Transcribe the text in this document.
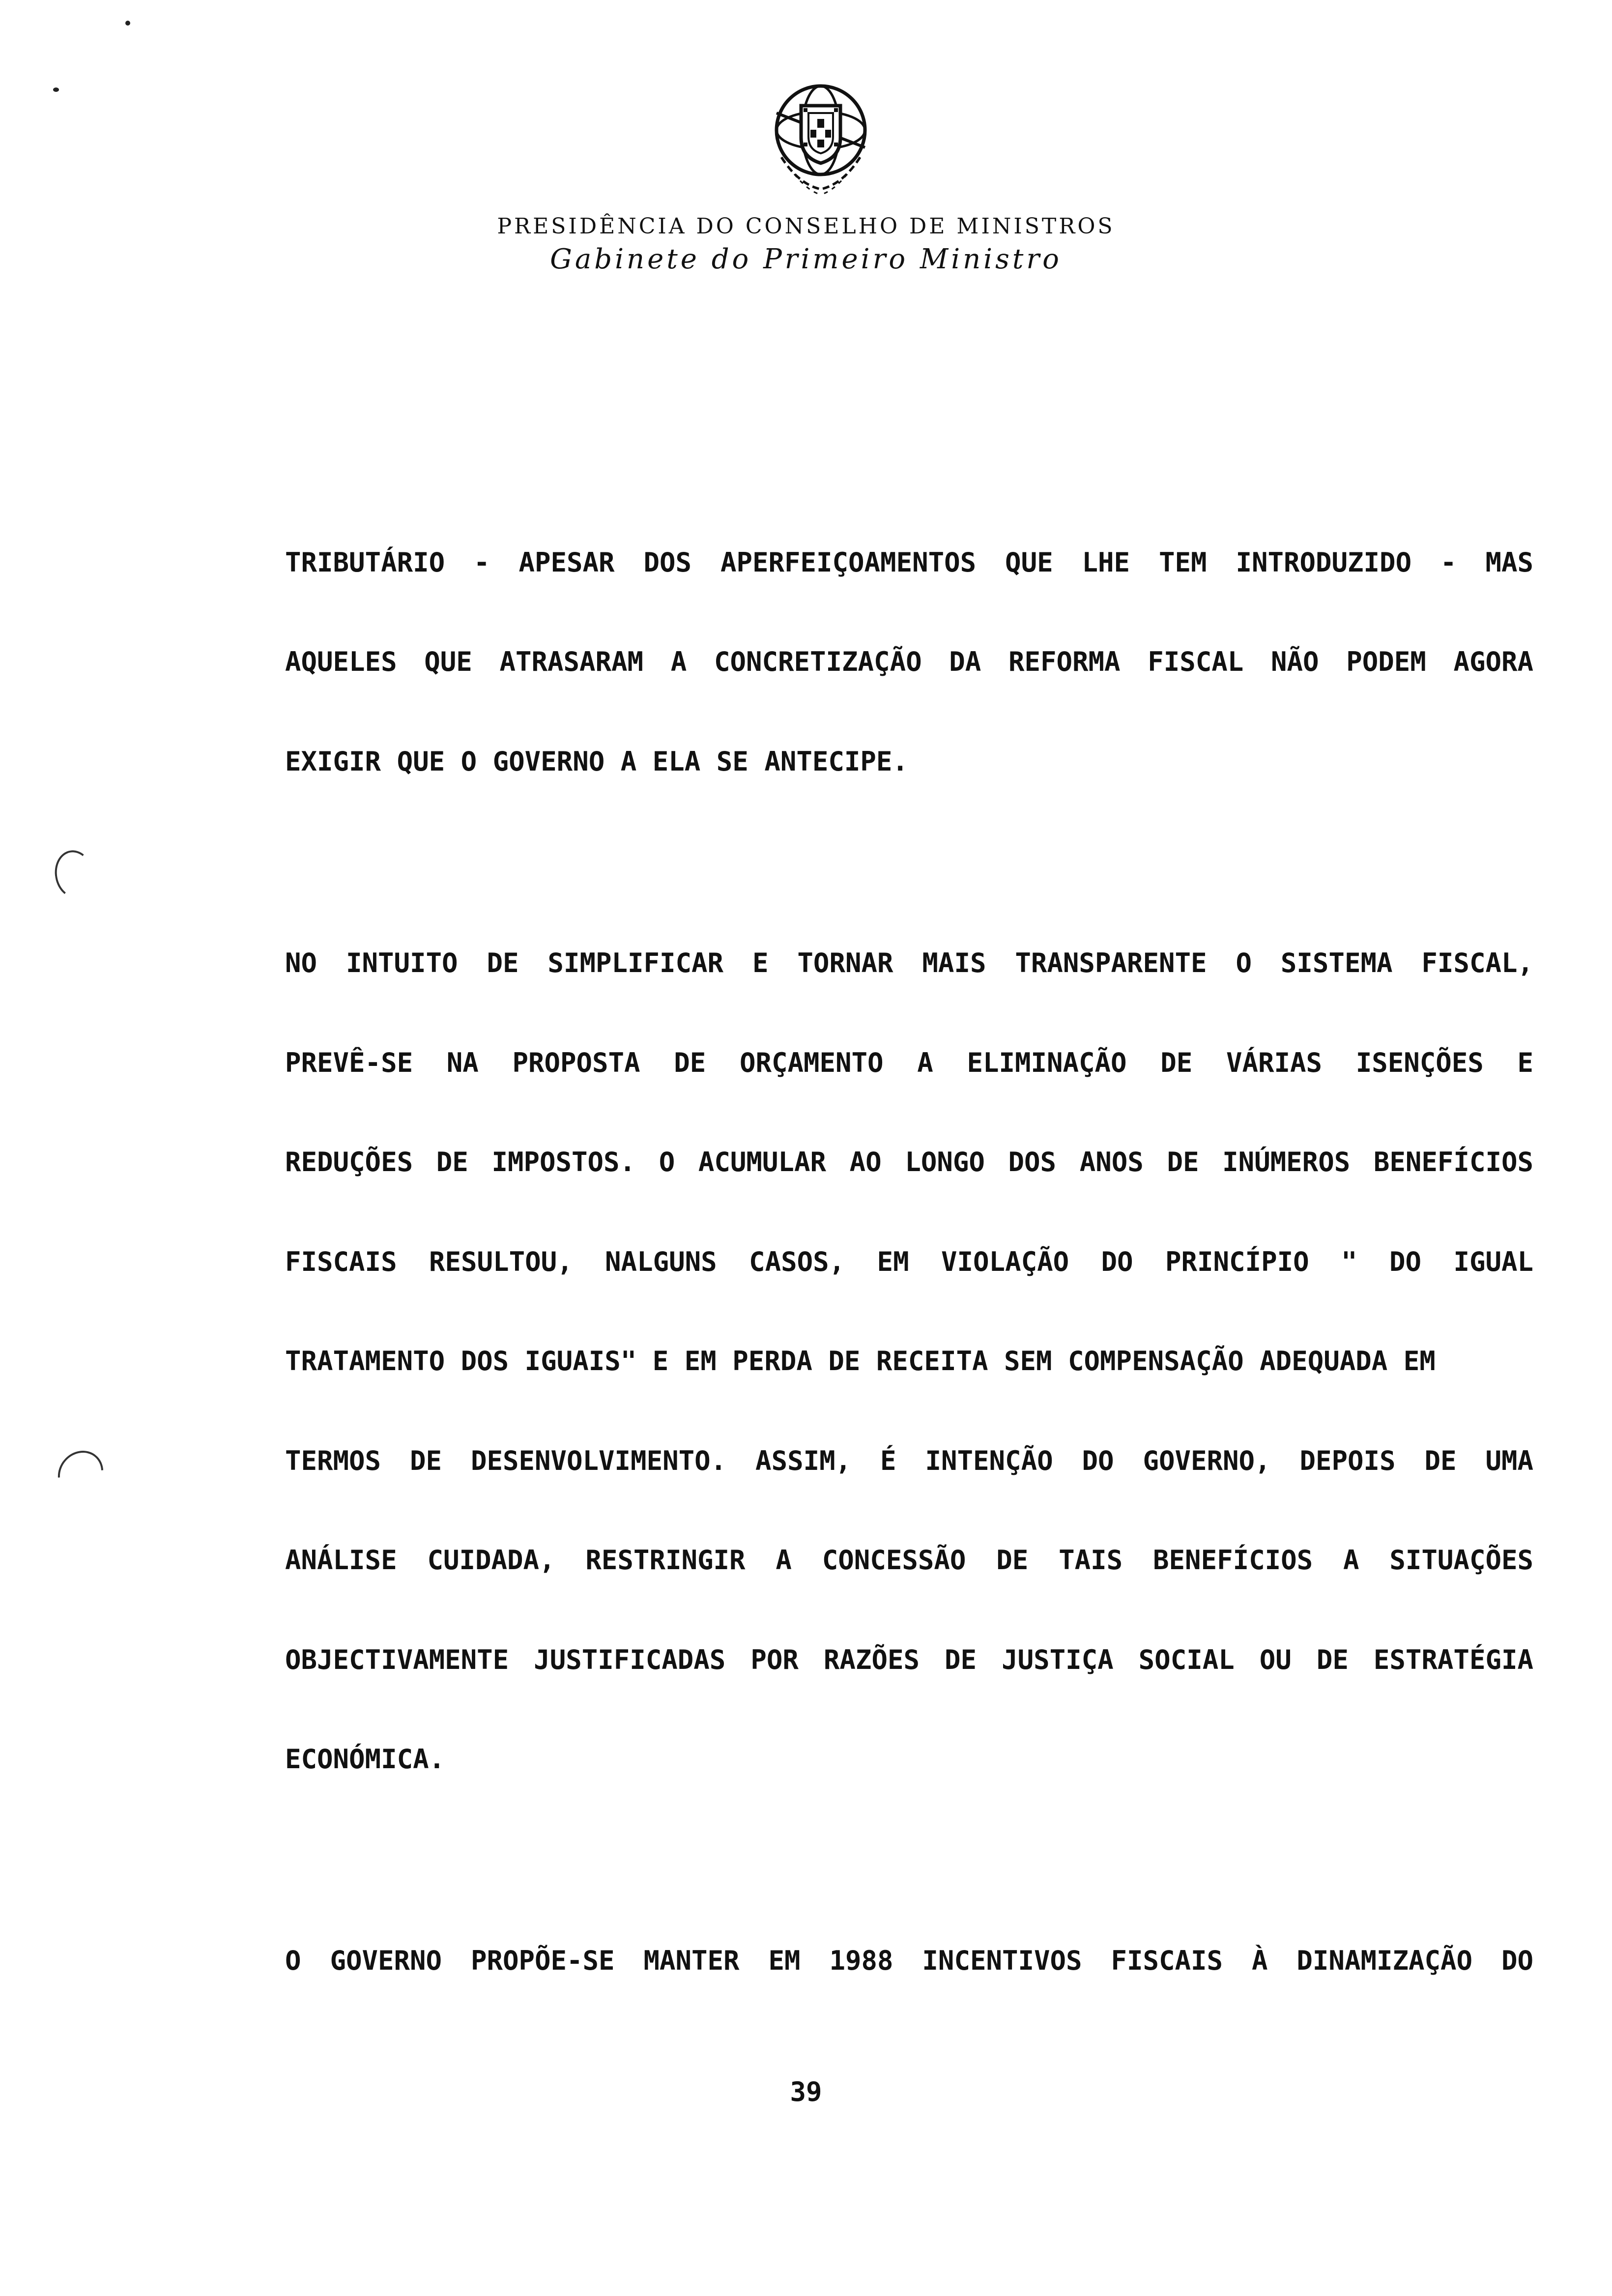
PRESIDÊNCIA DO CONSELHO DE MINISTROS
Gabinete do Primeiro Ministro
TRIBUTÁRIO - APESAR DOS APERFEIÇOAMENTOS QUE LHE TEM INTRODUZIDO - MAS
AQUELES QUE ATRASARAM A CONCRETIZAÇÃO DA REFORMA FISCAL NÃO PODEM AGORA
EXIGIR QUE O GOVERNO A ELA SE ANTECIPE.
NO INTUITO DE SIMPLIFICAR E TORNAR MAIS TRANSPARENTE O SISTEMA FISCAL,
PREVÊ-SE NA PROPOSTA DE ORÇAMENTO A ELIMINAÇÃO DE VÁRIAS ISENÇÕES E
REDUÇÕES DE IMPOSTOS. O ACUMULAR AO LONGO DOS ANOS DE INÚMEROS BENEFÍCIOS
FISCAIS RESULTOU, NALGUNS CASOS, EM VIOLAÇÃO DO PRINCÍPIO " DO IGUAL
TRATAMENTO DOS IGUAIS" E EM PERDA DE RECEITA SEM COMPENSAÇÃO ADEQUADA EM
TERMOS DE DESENVOLVIMENTO. ASSIM, É INTENÇÃO DO GOVERNO, DEPOIS DE UMA
ANÁLISE CUIDADA, RESTRINGIR A CONCESSÃO DE TAIS BENEFÍCIOS A SITUAÇÕES
OBJECTIVAMENTE JUSTIFICADAS POR RAZÕES DE JUSTIÇA SOCIAL OU DE ESTRATÉGIA
ECONÓMICA.
O GOVERNO PROPÕE-SE MANTER EM 1988 INCENTIVOS FISCAIS À DINAMIZAÇÃO DO
39
